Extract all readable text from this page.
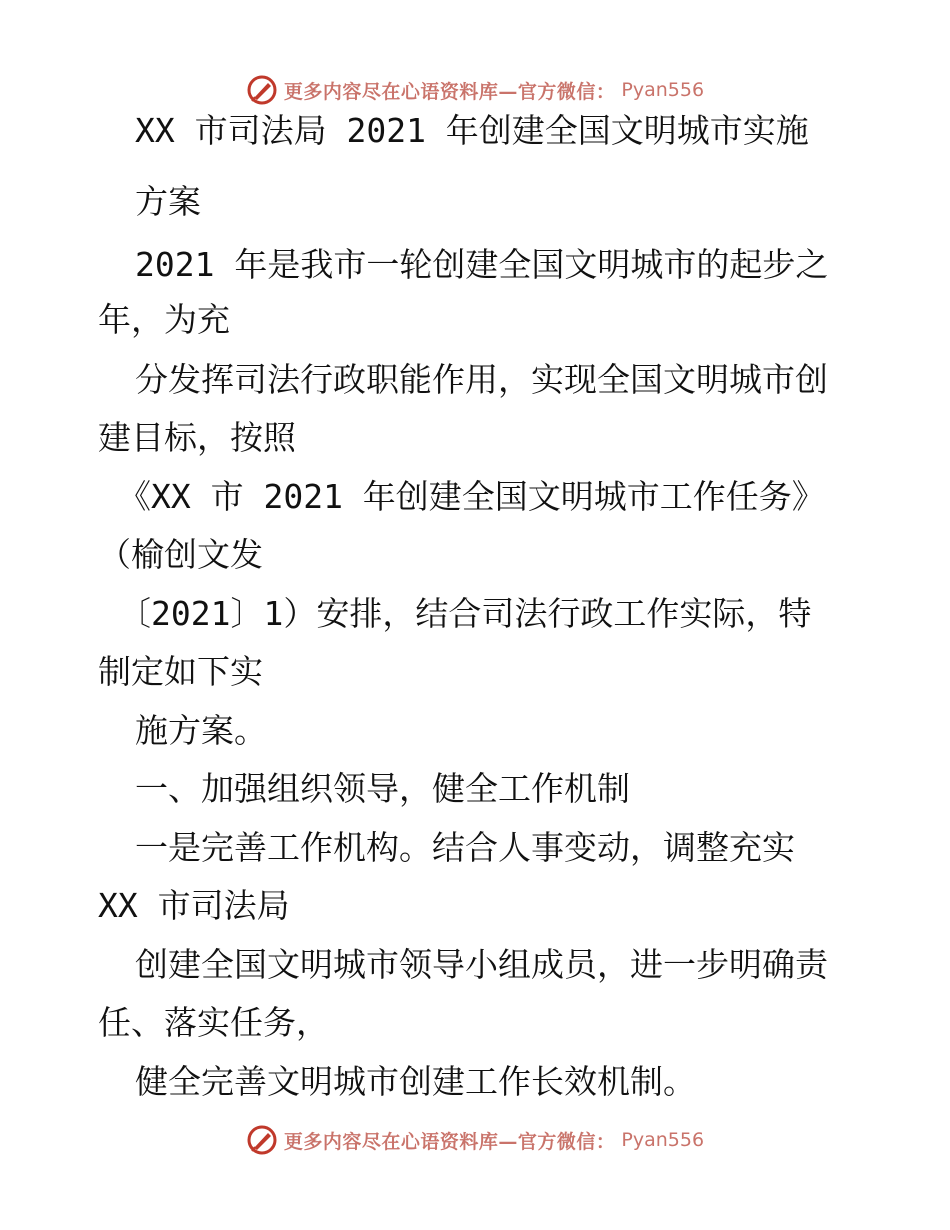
更多内容尽在心语资料库—官方微信： Pyan556
XX 市司法局 2021 年创建全国文明城市实施
方案
2021 年是我市一轮创建全国文明城市的起步之
年，为充
分发挥司法行政职能作用，实现全国文明城市创
建目标，按照
《XX 市 2021 年创建全国文明城市工作任务》
（榆创文发
〔2021〕1）安排，结合司法行政工作实际，特
制定如下实
施方案。
一、加强组织领导，健全工作机制
一是完善工作机构。结合人事变动，调整充实
XX 市司法局
创建全国文明城市领导小组成员，进一步明确责
任、落实任务，
健全完善文明城市创建工作长效机制。
更多内容尽在心语资料库—官方微信： Pyan556
